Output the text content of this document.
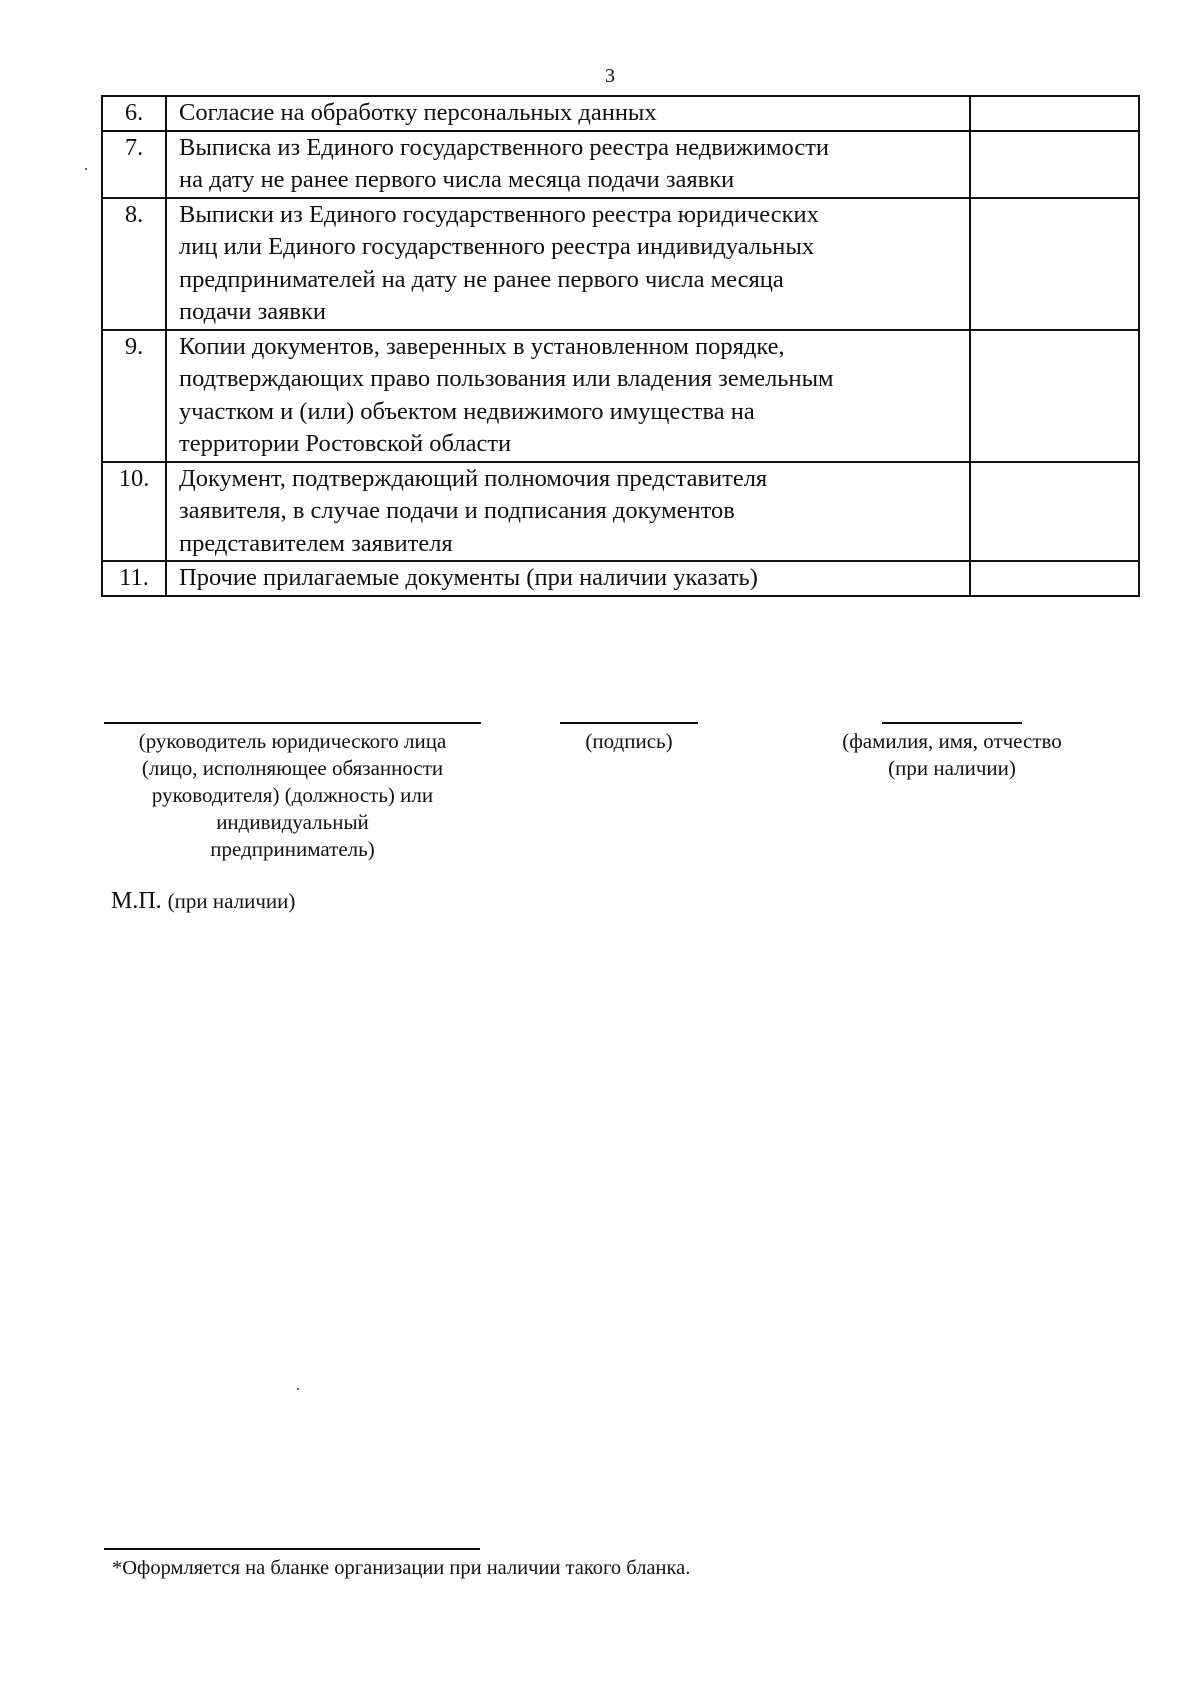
3
6.	Согласие на обработку персональных данных	

7.	Выписка из Единого государственного реестра недвижимости
на дату не ранее первого числа месяца подачи заявки	

8.	Выписки из Единого государственного реестра юридических
лиц или Единого государственного реестра индивидуальных
предпринимателей на дату не ранее первого числа месяца
подачи заявки	

9.	Копии документов, заверенных в установленном порядке,
подтверждающих право пользования или владения земельным
участком и (или) объектом недвижимого имущества на
территории Ростовской области	

10.	Документ, подтверждающий полномочия представителя
заявителя, в случае подачи и подписания документов
представителем заявителя	

11.	Прочие прилагаемые документы (при наличии указать)	

(руководитель юридического лица
(лицо, исполняющее обязанности
руководителя) (должность) или
индивидуальный
предприниматель)
(подпись)	(фамилия, имя, отчество
(при наличии)
М.П. (при наличии)
*Оформляется на бланке организации при наличии такого бланка.
